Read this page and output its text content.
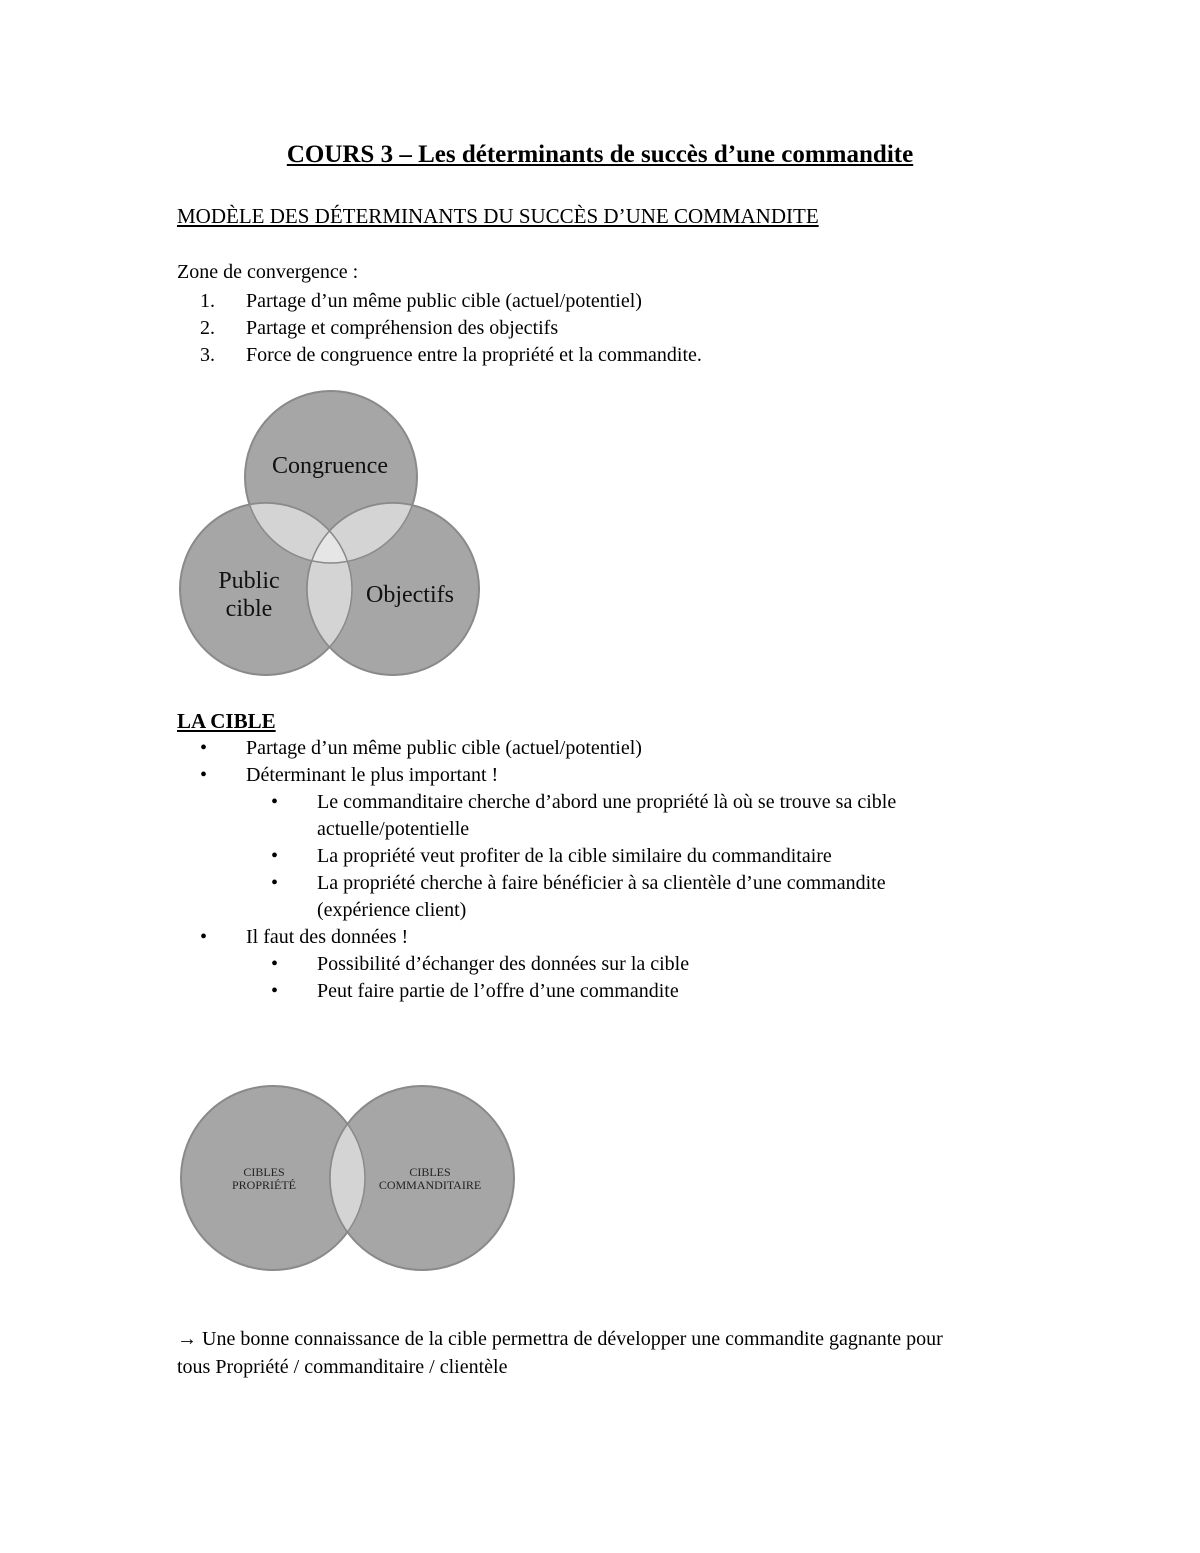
COURS 3 – Les déterminants de succès d’une commandite
MODÈLE DES DÉTERMINANTS DU SUCCÈS D’UNE COMMANDITE
Zone de convergence :
1.	Partage d’un même public cible (actuel/potentiel)
2.	Partage et compréhension des objectifs
3.	Force de congruence entre la propriété et la commandite.
Congruence
Public
cible
Objectifs
LA CIBLE
•	Partage d’un même public cible (actuel/potentiel)
•	Déterminant le plus important !
•	Le commanditaire cherche d’abord une propriété là où se trouve sa cible actuelle/potentielle
•	La propriété veut profiter de la cible similaire du commanditaire
•	La propriété cherche à faire bénéficier à sa clientèle d’une commandite (expérience client)
•	Il faut des données !
•	Possibilité d’échanger des données sur la cible
•	Peut faire partie de l’offre d’une commandite
CIBLES
PROPRIÉTÉ
CIBLES
COMMANDITAIRE
→ Une bonne connaissance de la cible permettra de développer une commandite gagnante pour tous Propriété / commanditaire / clientèle
